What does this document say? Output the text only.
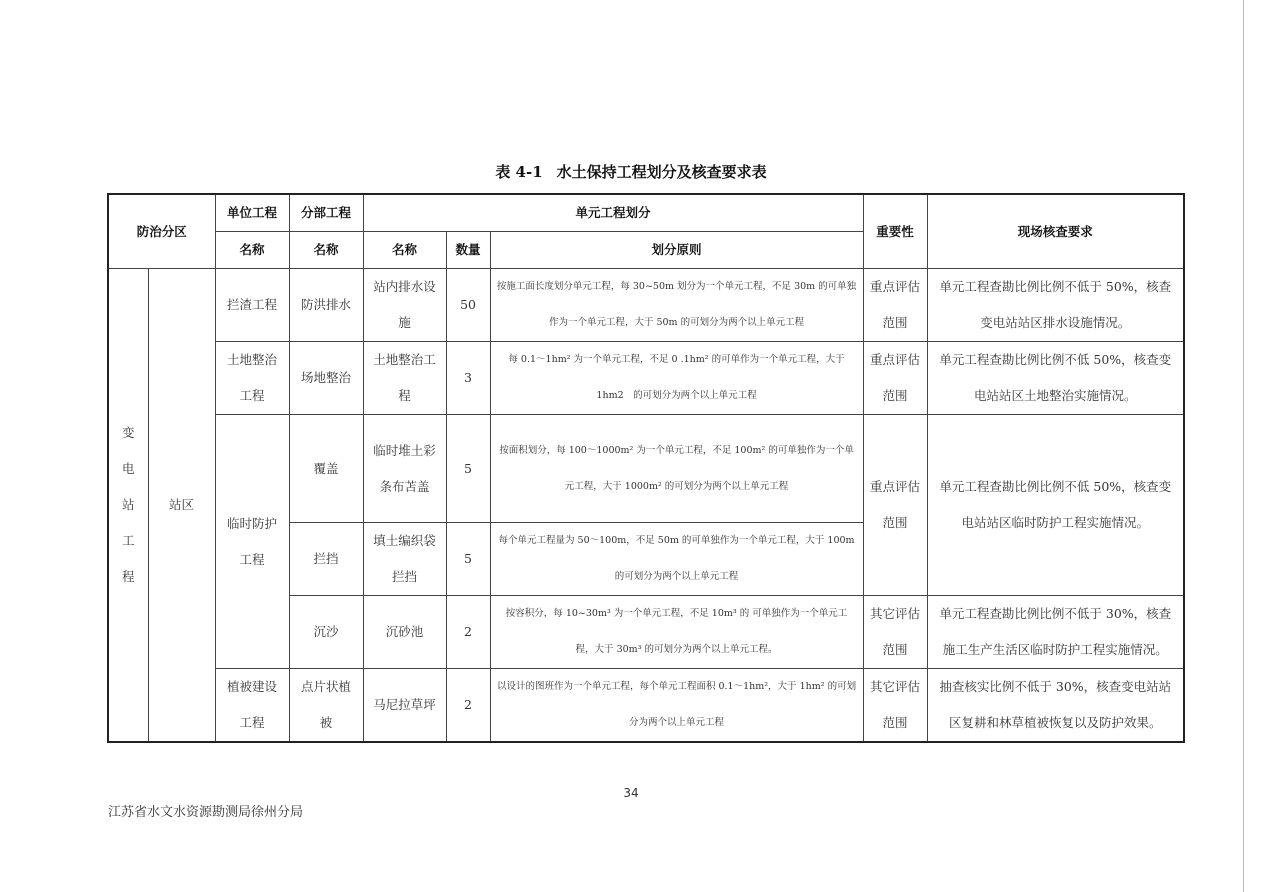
表 4-1 水土保持工程划分及核查要求表
防治分区		单位工程	分部工程	单元工程划分			重要性	现场核查要求
		名称	名称	名称	数量	划分原则		
变电站工程	站区	拦渣工程	防洪排水	站内排水设施	50	按施工面长度划分单元工程，每 30~50m 划分为一个单元工程，不足 30m 的可单独作为一个单元工程，大于 50m 的可划分为两个以上单元工程	重点评估范围	单元工程查勘比例比例不低于 50%，核查变电站站区排水设施情况。
		土地整治工程	场地整治	土地整治工程	3	每 0.1～1hm² 为一个单元工程，不足 0 .1hm² 的可单作为一个单元工程，大于 1hm2　的可划分为两个以上单元工程	重点评估范围	单元工程查勘比例比例不低 50%，核查变电站站区土地整治实施情况。
		临时防护工程	覆盖	临时堆土彩条布苫盖	5	按面积划分，每 100～1000m² 为一个单元工程，不足 100m² 的可单独作为一个单元工程，大于 1000m² 的可划分为两个以上单元工程	重点评估范围	单元工程查勘比例比例不低 50%，核查变电站站区临时防护工程实施情况。
			拦挡	填土编织袋拦挡	5	每个单元工程量为 50～100m，不足 50m 的可单独作为一个单元工程，大于 100m 的可划分为两个以上单元工程		
			沉沙	沉砂池	2	按容积分，每 10~30m³ 为一个单元工程，不足 10m³ 的 可单独作为一个单元工程，大于 30m³ 的可划分为两个以上单元工程。	其它评估范围	单元工程查勘比例比例不低于 30%，核查施工生产生活区临时防护工程实施情况。
		植被建设工程	点片状植被	马尼拉草坪	2	以设计的图班作为一个单元工程，每个单元工程面积 0.1～1hm²，大于 1hm² 的可划分为两个以上单元工程	其它评估范围	抽查核实比例不低于 30%，核查变电站站区复耕和林草植被恢复以及防护效果。
34
江苏省水文水资源勘测局徐州分局
